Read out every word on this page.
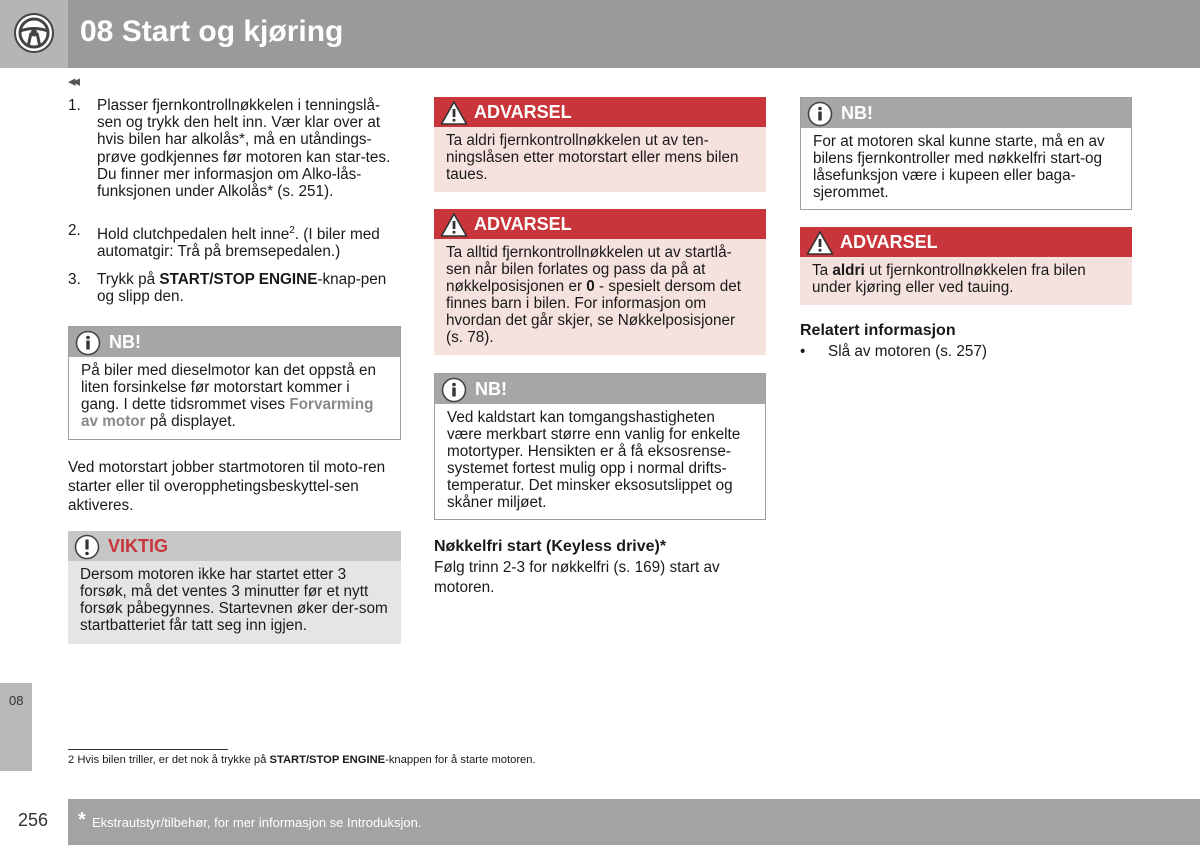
08 Start og kjøring
◂◂
1. Plasser fjernkontrollnøkkelen i tenningslå-sen og trykk den helt inn. Vær klar over at hvis bilen har alkolås*, må en utåndings-prøve godkjennes før motoren kan star-tes. Du finner mer informasjon om Alko-lås-funksjonen under Alkolås* (s. 251).
2. Hold clutchpedalen helt inne$^2$. (I biler med automatgir: Trå på bremsepedalen.)
3. Trykk på START/STOP ENGINE-knap-pen og slipp den.
NB!
På biler med dieselmotor kan det oppstå en liten forsinkelse før motorstart kommer i gang. I dette tidsrommet vises Forvarming av motor på displayet.
Ved motorstart jobber startmotoren til moto-ren starter eller til overopphetingsbeskyttel-sen aktiveres.
VIKTIG
Dersom motoren ikke har startet etter 3 forsøk, må det ventes 3 minutter før et nytt forsøk påbegynnes. Startevnen øker der-som startbatteriet får tatt seg inn igjen.
ADVARSEL
Ta aldri fjernkontrollnøkkelen ut av ten-ningslåsen etter motorstart eller mens bilen taues.
ADVARSEL
Ta alltid fjernkontrollnøkkelen ut av startlå-sen når bilen forlates og pass da på at nøkkelposisjonen er 0 - spesielt dersom det finnes barn i bilen. For informasjon om hvordan det går skjer, se Nøkkelposisjoner (s. 78).
NB!
Ved kaldstart kan tomgangshastigheten være merkbart større enn vanlig for enkelte motortyper. Hensikten er å få eksosrense-systemet fortest mulig opp i normal drifts-temperatur. Det minsker eksosutslippet og skåner miljøet.
Nøkkelfri start (Keyless drive)*
Følg trinn 2-3 for nøkkelfri (s. 169) start av motoren.
NB!
For at motoren skal kunne starte, må en av bilens fjernkontroller med nøkkelfri start-og låsefunksjon være i kupeen eller baga-sjerommet.
ADVARSEL
Ta aldri ut fjernkontrollnøkkelen fra bilen under kjøring eller ved tauing.
Relatert informasjon
• Slå av motoren (s. 257)
2 Hvis bilen triller, er det nok å trykke på START/STOP ENGINE-knappen for å starte motoren.
08
256 * Ekstrautstyr/tilbehør, for mer informasjon se Introduksjon.
